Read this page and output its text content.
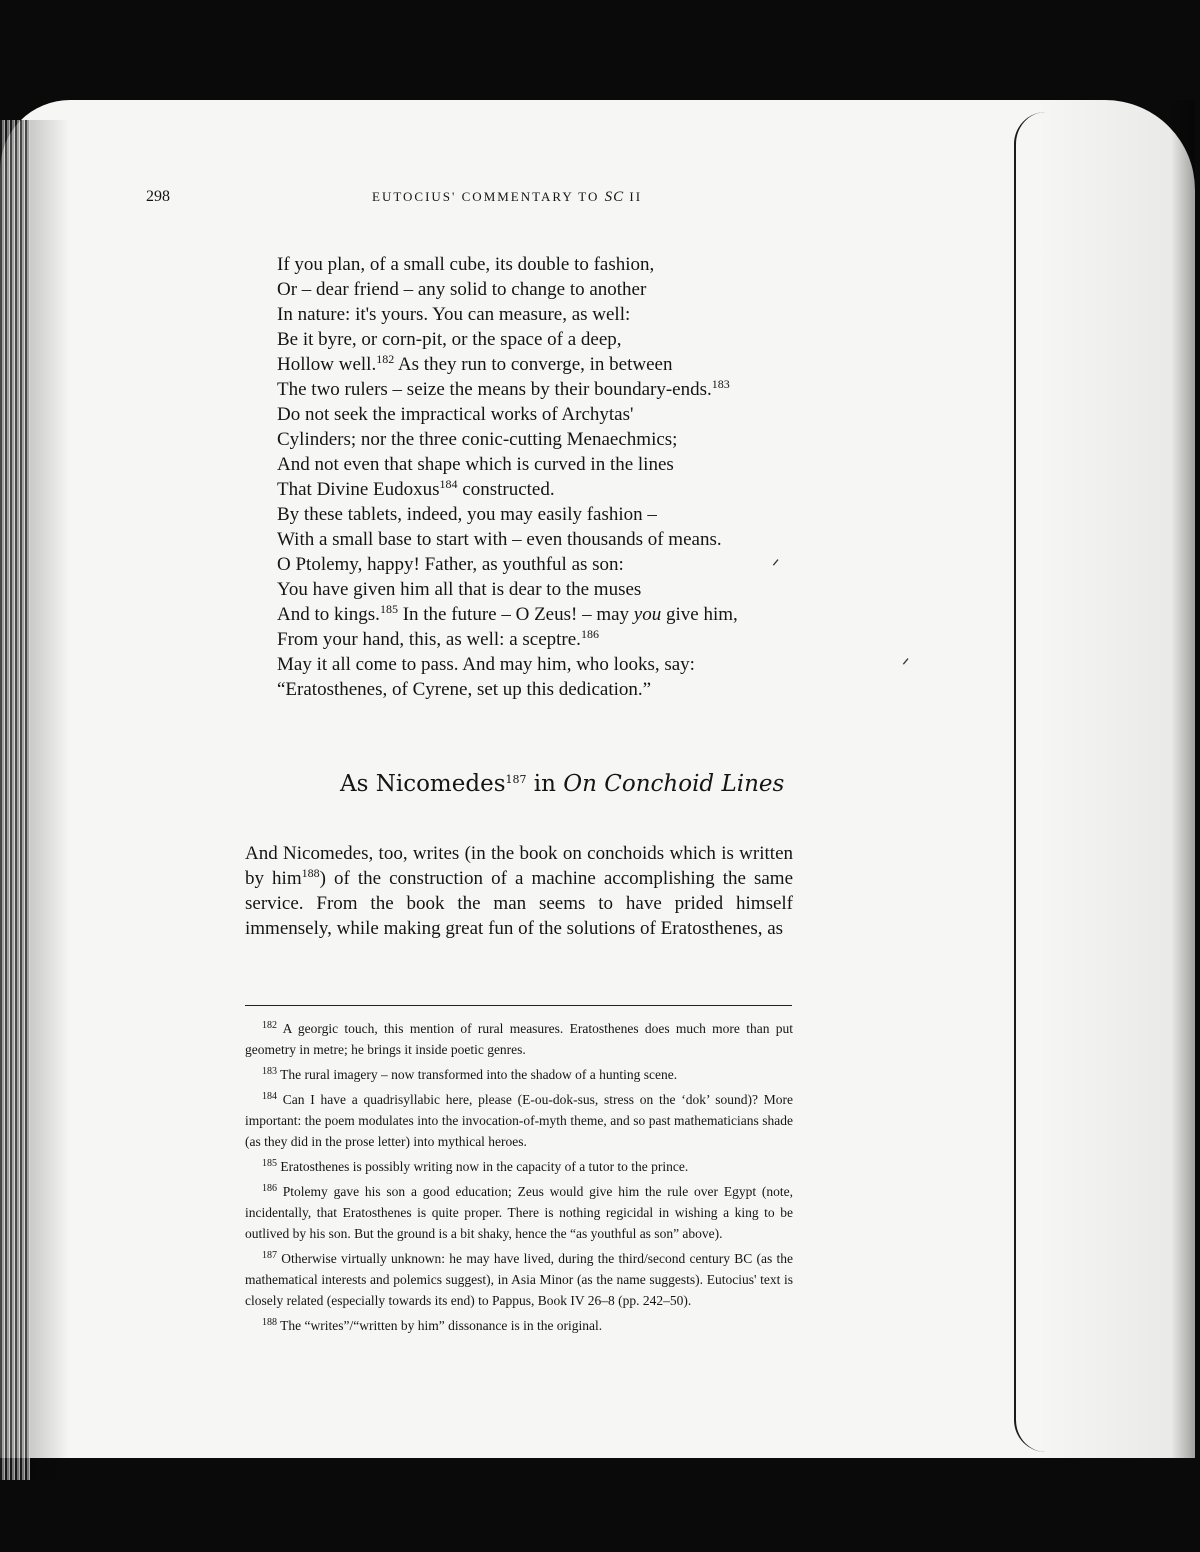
298	EUTOCIUS' COMMENTARY TO SC II

If you plan, of a small cube, its double to fashion,

Or – dear friend – any solid to change to another

In nature: it's yours. You can measure, as well:

Be it byre, or corn-pit, or the space of a deep,

Hollow well.$^{182}$ As they run to converge, in between

The two rulers – seize the means by their boundary-ends.$^{183}$

Do not seek the impractical works of Archytas'

Cylinders; nor the three conic-cutting Menaechmics;

And not even that shape which is curved in the lines

That Divine Eudoxus$^{184}$ constructed.

By these tablets, indeed, you may easily fashion –

With a small base to start with – even thousands of means.

O Ptolemy, happy! Father, as youthful as son:

You have given him all that is dear to the muses

And to kings.$^{185}$ In the future – O Zeus! – may you give him,

From your hand, this, as well: a sceptre.$^{186}$

May it all come to pass. And may him, who looks, say:

“Eratosthenes, of Cyrene, set up this dedication.”

As Nicomedes$^{187}$ in On Conchoid Lines

And Nicomedes, too, writes (in the book on conchoids which is written by him$^{188}$) of the construction of a machine accomplishing the same service. From the book the man seems to have prided himself immensely, while making great fun of the solutions of Eratosthenes, as

$^{182}$ A georgic touch, this mention of rural measures. Eratosthenes does much more than put geometry in metre; he brings it inside poetic genres.

$^{183}$ The rural imagery – now transformed into the shadow of a hunting scene.

$^{184}$ Can I have a quadrisyllabic here, please (E-ou-dok-sus, stress on the ‘dok’ sound)? More important: the poem modulates into the invocation-of-myth theme, and so past mathematicians shade (as they did in the prose letter) into mythical heroes.

$^{185}$ Eratosthenes is possibly writing now in the capacity of a tutor to the prince.

$^{186}$ Ptolemy gave his son a good education; Zeus would give him the rule over Egypt (note, incidentally, that Eratosthenes is quite proper. There is nothing regicidal in wishing a king to be outlived by his son. But the ground is a bit shaky, hence the “as youthful as son” above).

$^{187}$ Otherwise virtually unknown: he may have lived, during the third/second century BC (as the mathematical interests and polemics suggest), in Asia Minor (as the name suggests). Eutocius' text is closely related (especially towards its end) to Pappus, Book IV 26–8 (pp. 242–50).

$^{188}$ The “writes”/“written by him” dissonance is in the original.

ᐟ
ᐟ
